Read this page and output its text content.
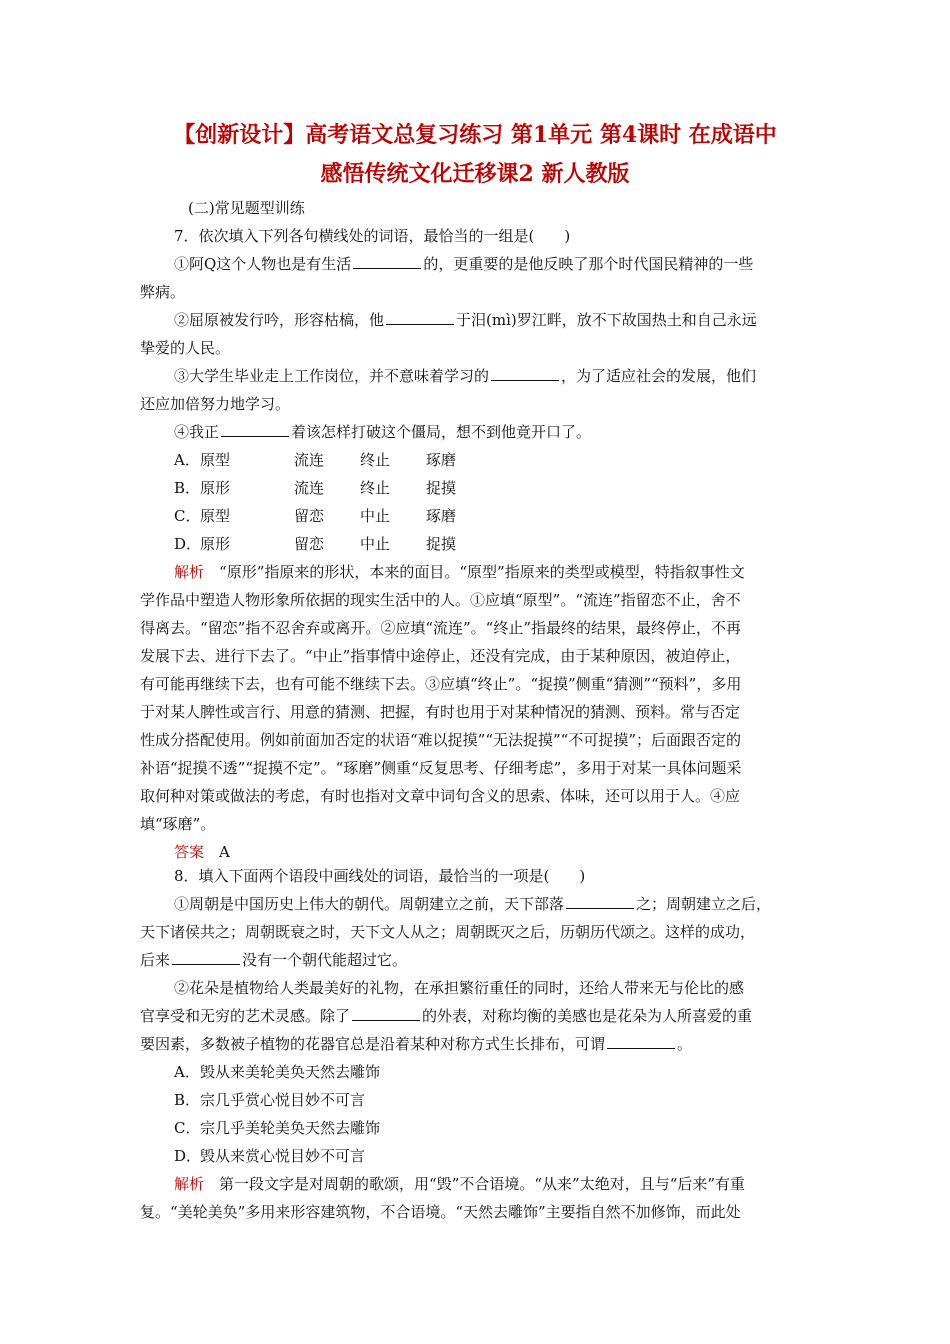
【创新设计】高考语文总复习练习 第1单元 第4课时 在成语中
感悟传统文化迁移课2 新人教版
(二)常见题型训练
7．依次填入下列各句横线处的词语，最恰当的一组是(　　)
①阿Q这个人物也是有生活	的，更重要的是他反映了那个时代国民精神的一些
弊病。
②屈原被发行吟，形容枯槁，他	于汨(mì)罗江畔，放不下故国热土和自己永远
挚爱的人民。
③大学生毕业走上工作岗位，并不意味着学习的	，为了适应社会的发展，他们
还应加倍努力地学习。
④我正	着该怎样打破这个僵局，想不到他竟开口了。
A．原型	流连 终止 琢磨
B．原形	流连 终止 捉摸
C．原型	留恋 中止 琢磨
D．原形	留恋 中止 捉摸
解析　 “原形”指原来的形状，本来的面目。“原型”指原来的类型或模型，特指叙事性文
学作品中塑造人物形象所依据的现实生活中的人。①应填“原型”。“流连”指留恋不止，舍不
得离去。“留恋”指不忍舍弃或离开。②应填“流连”。“终止”指最终的结果，最终停止，不再
发展下去、进行下去了。“中止”指事情中途停止，还没有完成，由于某种原因，被迫停止，
有可能再继续下去，也有可能不继续下去。③应填“终止”。“捉摸”侧重“猜测”“预料”，多用
于对某人脾性或言行、用意的猜测、把握，有时也用于对某种情况的猜测、预料。常与否定
性成分搭配使用。例如前面加否定的状语“难以捉摸”“无法捉摸”“不可捉摸”；后面跟否定的
补语“捉摸不透”“捉摸不定”。“琢磨”侧重“反复思考、仔细考虑”，多用于对某一具体问题采
取何种对策或做法的考虑，有时也指对文章中词句含义的思索、体味，还可以用于人。④应
填“琢磨”。
答案　 A
8．填入下面两个语段中画线处的词语，最恰当的一项是(　　)
①周朝是中国历史上伟大的朝代。周朝建立之前，天下部落	之；周朝建立之后，
天下诸侯共之；周朝既衰之时，天下文人从之；周朝既灭之后，历朝历代颂之。这样的成功，
后来	没有一个朝代能超过它。
②花朵是植物给人类最美好的礼物，在承担繁衍重任的同时，还给人带来无与伦比的感
官享受和无穷的艺术灵感。除了	的外表，对称均衡的美感也是花朵为人所喜爱的重
要因素，多数被子植物的花器官总是沿着某种对称方式生长排布，可谓	。
A．毁从来美轮美奂天然去雕饰
B．宗几乎赏心悦目妙不可言
C．宗几乎美轮美奂天然去雕饰
D．毁从来赏心悦目妙不可言
解析　 第一段文字是对周朝的歌颂，用“毁”不合语境。“从来”太绝对，且与“后来”有重
复。“美轮美奂”多用来形容建筑物，不合语境。“天然去雕饰”主要指自然不加修饰，而此处
